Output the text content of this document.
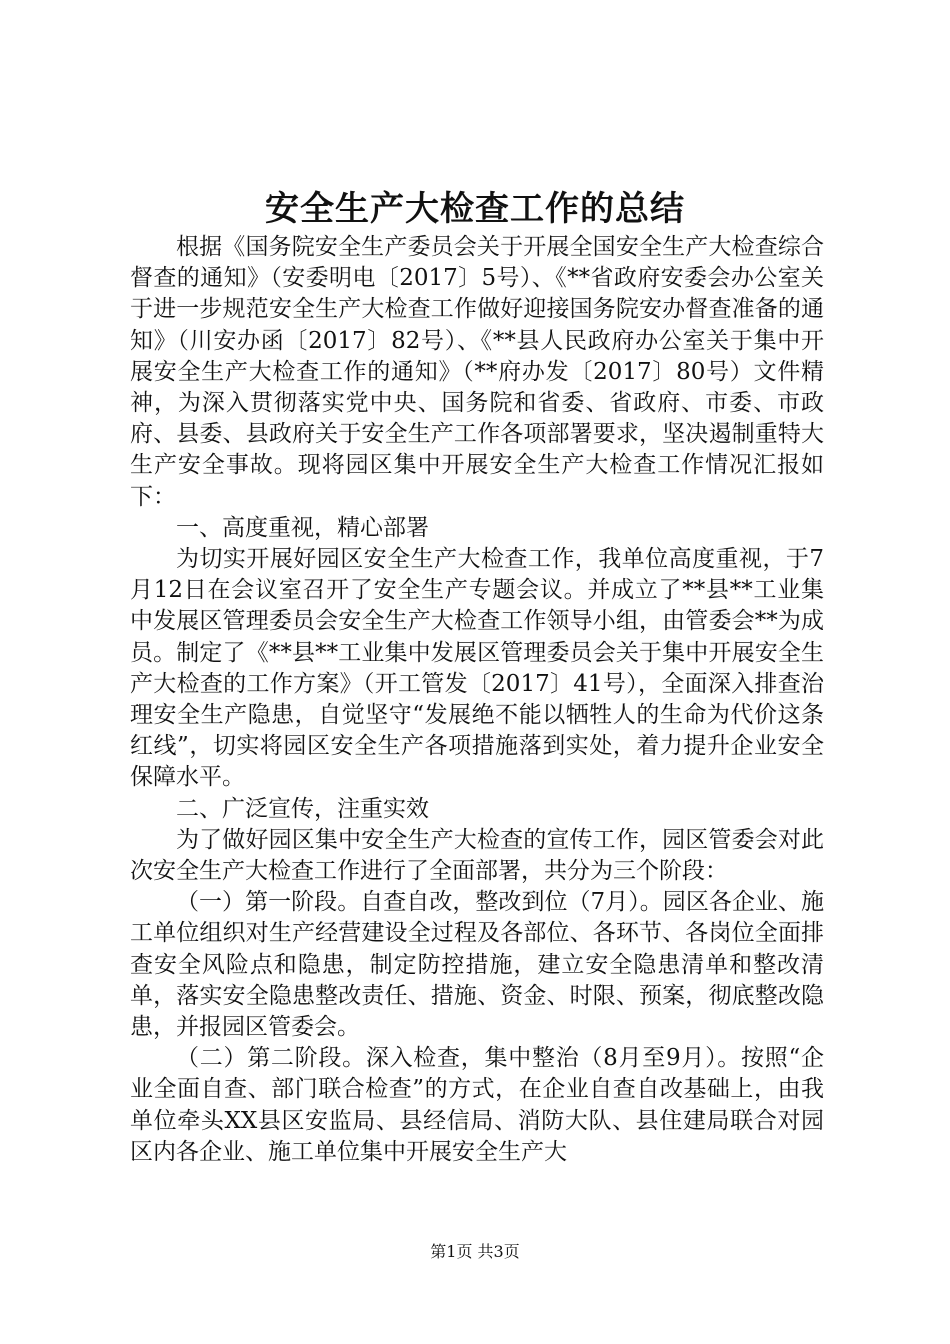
安全生产大检查工作的总结

根据《国务院安全生产委员会关于开展全国安全生产大检查综合督查的通知》（安委明电〔2017〕5号）、《**省政府安委会办公室关于进一步规范安全生产大检查工作做好迎接国务院安办督查准备的通知》（川安办函〔2017〕82号）、《**县人民政府办公室关于集中开展安全生产大检查工作的通知》（**府办发〔2017〕80号）文件精神，为深入贯彻落实党中央、国务院和省委、省政府、市委、市政府、县委、县政府关于安全生产工作各项部署要求，坚决遏制重特大生产安全事故。现将园区集中开展安全生产大检查工作情况汇报如下：

一、高度重视，精心部署

为切实开展好园区安全生产大检查工作，我单位高度重视，于7月12日在会议室召开了安全生产专题会议。并成立了**县**工业集中发展区管理委员会安全生产大检查工作领导小组，由管委会**为成员。制定了《**县**工业集中发展区管理委员会关于集中开展安全生产大检查的工作方案》（开工管发〔2017〕41号），全面深入排查治理安全生产隐患，自觉坚守“发展绝不能以牺牲人的生命为代价这条红线”，切实将园区安全生产各项措施落到实处，着力提升企业安全保障水平。

二、广泛宣传，注重实效

为了做好园区集中安全生产大检查的宣传工作，园区管委会对此次安全生产大检查工作进行了全面部署，共分为三个阶段：

（一）第一阶段。自查自改，整改到位（7月）。园区各企业、施工单位组织对生产经营建设全过程及各部位、各环节、各岗位全面排查安全风险点和隐患，制定防控措施，建立安全隐患清单和整改清单，落实安全隐患整改责任、措施、资金、时限、预案，彻底整改隐患，并报园区管委会。

（二）第二阶段。深入检查，集中整治（8月至9月）。按照“企业全面自查、部门联合检查”的方式，在企业自查自改基础上，由我单位牵头XX县区安监局、县经信局、消防大队、县住建局联合对园区内各企业、施工单位集中开展安全生产大

第1页 共3页
